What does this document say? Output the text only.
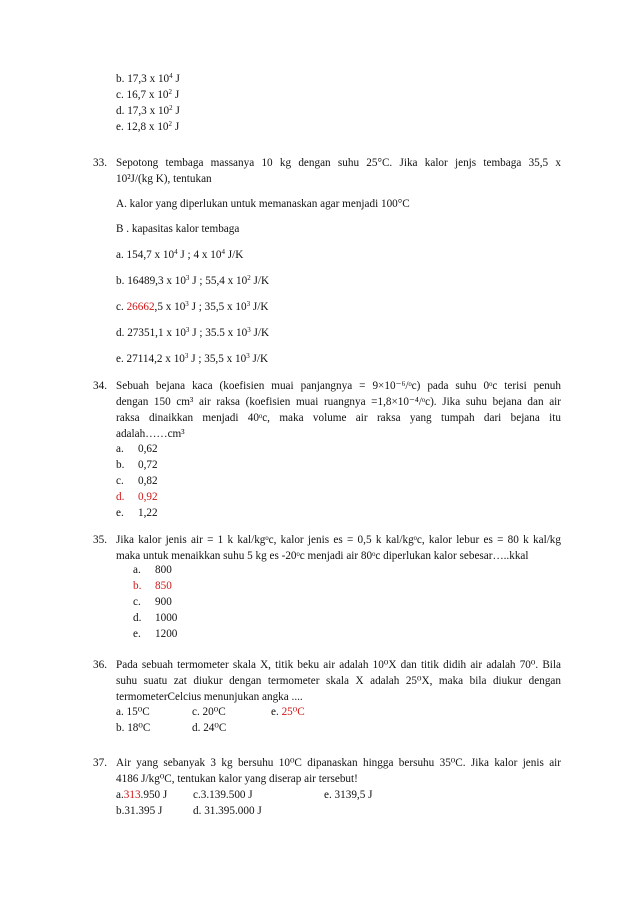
b. 17,3 x $10^4$ J
c. 16,7 x $10^2$ J
d. 17,3 x $10^2$ J
e. 12,8 x $10^2$ J
33. Sepotong tembaga massanya 10 kg dengan suhu 25°C. Jika kalor jenjs tembaga 35,5 x
10²J/(kg K), tentukan
A. kalor yang diperlukan untuk memanaskan agar menjadi 100°C
B . kapasitas kalor tembaga
a. 154,7 x $10^4$ J ; 4 x $10^4$ J/K
b. 16489,3 x $10^3$ J ; 55,4 x $10^2$ J/K
c. 26662,5 x $10^3$ J ; 35,5 x $10^3$ J/K
d. 27351,1 x $10^3$ J ; 35.5 x $10^3$ J/K
e. 27114,2 x $10^3$ J ; 35,5 x $10^3$ J/K
34. Sebuah bejana kaca (koefisien muai panjangnya = 9×10⁻⁶/ᵒc) pada suhu 0ᵒc terisi penuh
dengan 150 cm³ air raksa (koefisien muai ruangnya =1,8×10⁻⁴/ᵒc). Jika suhu bejana dan air
raksa dinaikkan menjadi 40ᵒc, maka volume air raksa yang tumpah dari bejana itu
adalah……cm³
a. 0,62
b. 0,72
c. 0,82
d. 0,92
e. 1,22
35. Jika kalor jenis air = 1 k kal/kgᵒc, kalor jenis es = 0,5 k kal/kgᵒc, kalor lebur es = 80 k kal/kg
maka untuk menaikkan suhu 5 kg es -20ᵒc menjadi air 80ᵒc diperlukan kalor sebesar…..kkal
a. 800
b. 850
c. 900
d. 1000
e. 1200
36. Pada sebuah termometer skala X, titik beku air adalah 10⁰X dan titik didih air adalah 70⁰. Bila
suhu suatu zat diukur dengan termometer skala X adalah 25⁰X, maka bila diukur dengan
termometerCelcius menunjukan angka ....
a. 15⁰C	c. 20⁰C	e. 25⁰C
b. 18⁰C	d. 24⁰C
37. Air yang sebanyak 3 kg bersuhu 10⁰C dipanaskan hingga bersuhu 35⁰C. Jika kalor jenis air
4186 J/kg⁰C, tentukan kalor yang diserap air tersebut!
a.313.950 J c.3.139.500 J	e. 3139,5 J
b.31.395 J	d. 31.395.000 J
